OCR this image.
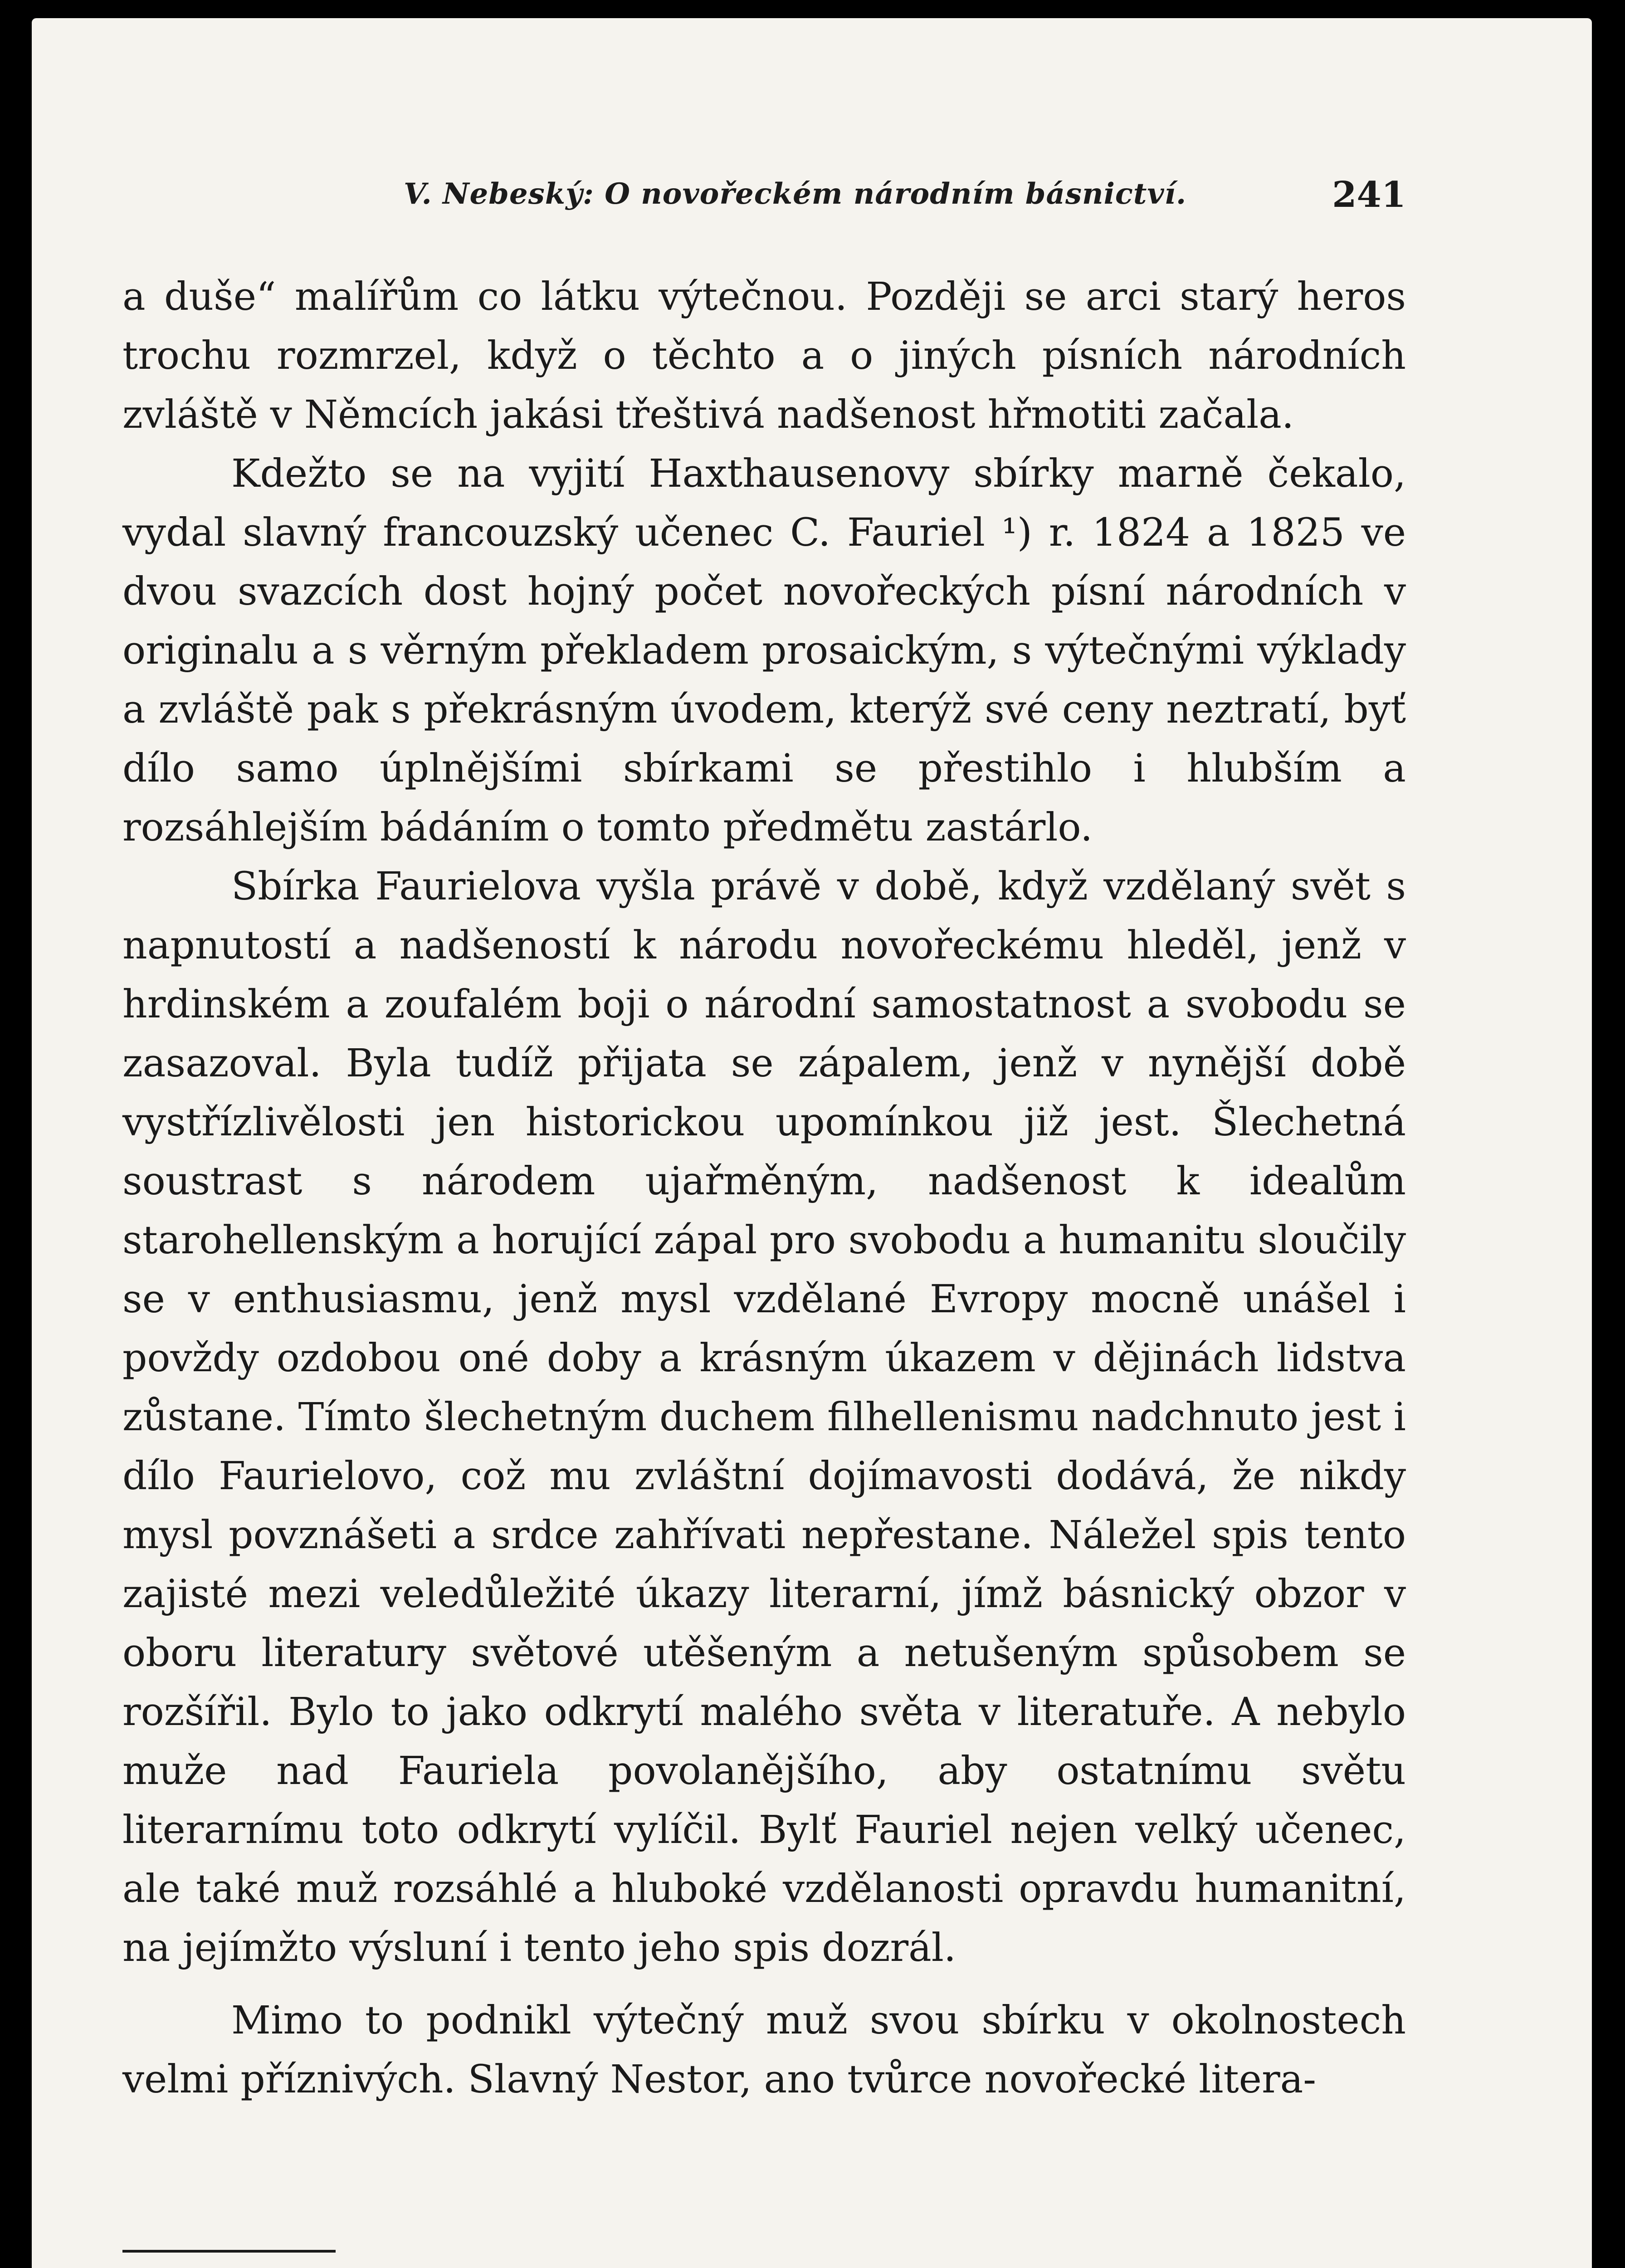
V. Nebeský: O novořeckém národním básnictví.	241

a duše“ malířům co látku výtečnou. Později se arci starý heros trochu rozmrzel, když o těchto a o jiných písních národních zvláště v Němcích jakási třeštivá nadšenost hřmotiti začala.

Kdežto se na vyjití Haxthausenovy sbírky marně čekalo, vydal slavný francouzský učenec C. Fauriel ¹) r. 1824 a 1825 ve dvou svazcích dost hojný počet novořeckých písní národních v originalu a s věrným překladem prosaickým, s výtečnými výklady a zvláště pak s překrásným úvodem, kterýž své ceny neztratí, byť dílo samo úplnějšími sbírkami se přestihlo i hlubším a rozsáhlejším bádáním o tomto předmětu zastárlo.

Sbírka Faurielova vyšla právě v době, když vzdělaný svět s napnutostí a nadšeností k národu novořeckému hleděl, jenž v hrdinském a zoufalém boji o národní samostatnost a svobodu se zasazoval. Byla tudíž přijata se zápalem, jenž v nynější době vystřízlivělosti jen historickou upomínkou již jest. Šlechetná soustrast s národem ujařměným, nadšenost k idealům starohellenským a horující zápal pro svobodu a humanitu sloučily se v enthusiasmu, jenž mysl vzdělané Evropy mocně unášel i povždy ozdobou oné doby a krásným úkazem v dějinách lidstva zůstane. Tímto šlechetným duchem filhellenismu nadchnuto jest i dílo Faurielovo, což mu zvláštní dojímavosti dodává, že nikdy mysl povznášeti a srdce zahřívati nepřestane. Náležel spis tento zajisté mezi veledůležité úkazy literarní, jímž básnický obzor v oboru literatury světové utěšeným a netušeným spůsobem se rozšířil. Bylo to jako odkrytí malého světa v literatuře. A nebylo muže nad Fauriela povolanějšího, aby ostatnímu světu literarnímu toto odkrytí vylíčil. Bylť Fauriel nejen velký učenec, ale také muž rozsáhlé a hluboké vzdělanosti opravdu humanitní, na jejímžto výsluní i tento jeho spis dozrál.

Mimo to podnikl výtečný muž svou sbírku v okolnostech velmi příznivých. Slavný Nestor, ano tvůrce novořecké litera-
